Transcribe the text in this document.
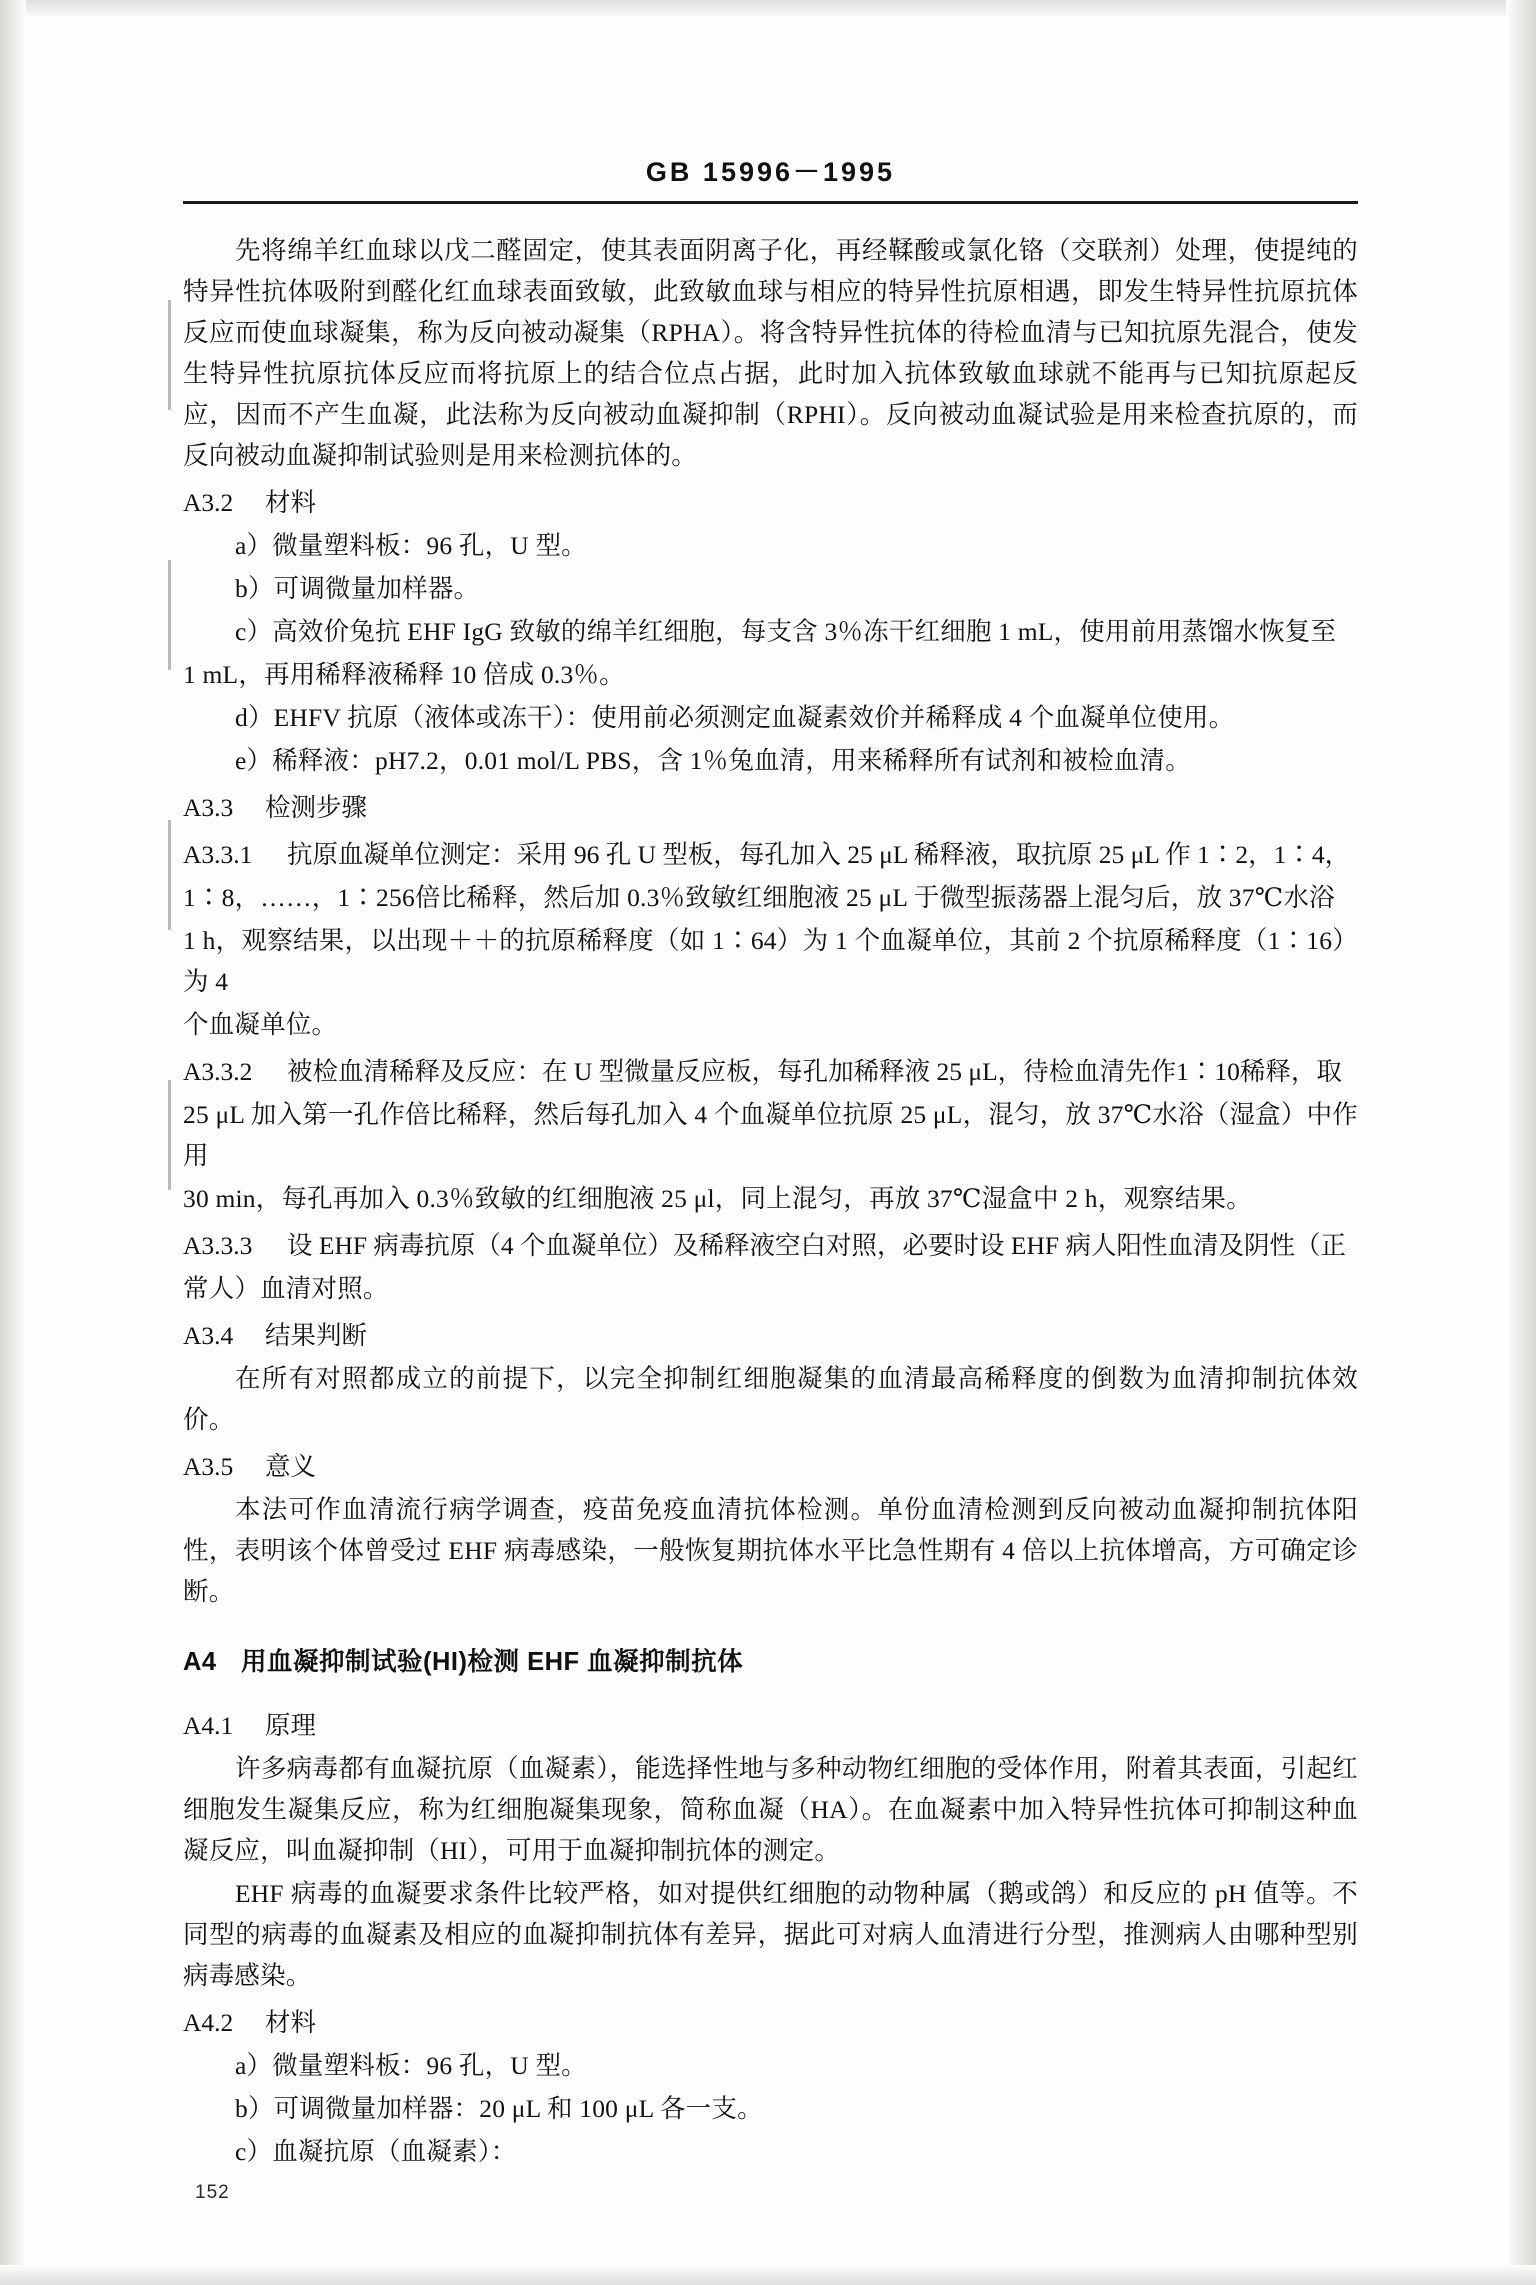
GB 15996－1995

先将绵羊红血球以戊二醛固定，使其表面阴离子化，再经鞣酸或氯化铬（交联剂）处理，使提纯的特异性抗体吸附到醛化红血球表面致敏，此致敏血球与相应的特异性抗原相遇，即发生特异性抗原抗体反应而使血球凝集，称为反向被动凝集（RPHA）。将含特异性抗体的待检血清与已知抗原先混合，使发生特异性抗原抗体反应而将抗原上的结合位点占据，此时加入抗体致敏血球就不能再与已知抗原起反应，因而不产生血凝，此法称为反向被动血凝抑制（RPHI）。反向被动血凝试验是用来检查抗原的，而反向被动血凝抑制试验则是用来检测抗体的。

A3.2 材料

a）微量塑料板：96 孔，U 型。

b）可调微量加样器。

c）高效价兔抗 EHF IgG 致敏的绵羊红细胞，每支含 3％冻干红细胞 1 mL，使用前用蒸馏水恢复至

1 mL，再用稀释液稀释 10 倍成 0.3％。

d）EHFV 抗原（液体或冻干）：使用前必须测定血凝素效价并稀释成 4 个血凝单位使用。

e）稀释液：pH7.2，0.01 mol/L PBS，含 1％兔血清，用来稀释所有试剂和被检血清。

A3.3 检测步骤
A3.3.1 抗原血凝单位测定：采用 96 孔 U 型板，每孔加入 25 μL 稀释液，取抗原 25 μL 作 1∶2，1∶4，

1∶8，……，1∶256倍比稀释，然后加 0.3％致敏红细胞液 25 μL 于微型振荡器上混匀后，放 37℃水浴

1 h，观察结果，以出现＋＋的抗原稀释度（如 1∶64）为 1 个血凝单位，其前 2 个抗原稀释度（1∶16）为 4

个血凝单位。

A3.3.2 被检血清稀释及反应：在 U 型微量反应板，每孔加稀释液 25 μL，待检血清先作1∶10稀释，取

25 μL 加入第一孔作倍比稀释，然后每孔加入 4 个血凝单位抗原 25 μL，混匀，放 37℃水浴（湿盒）中作用

30 min，每孔再加入 0.3％致敏的红细胞液 25 μl，同上混匀，再放 37℃湿盒中 2 h，观察结果。

A3.3.3 设 EHF 病毒抗原（4 个血凝单位）及稀释液空白对照，必要时设 EHF 病人阳性血清及阴性（正

常人）血清对照。

A3.4 结果判断

在所有对照都成立的前提下，以完全抑制红细胞凝集的血清最高稀释度的倒数为血清抑制抗体效价。

A3.5 意义

本法可作血清流行病学调查，疫苗免疫血清抗体检测。单份血清检测到反向被动血凝抑制抗体阳性，表明该个体曾受过 EHF 病毒感染，一般恢复期抗体水平比急性期有 4 倍以上抗体增高，方可确定诊断。

A4 用血凝抑制试验(HI)检测 EHF 血凝抑制抗体
A4.1 原理

许多病毒都有血凝抗原（血凝素），能选择性地与多种动物红细胞的受体作用，附着其表面，引起红细胞发生凝集反应，称为红细胞凝集现象，简称血凝（HA）。在血凝素中加入特异性抗体可抑制这种血凝反应，叫血凝抑制（HI），可用于血凝抑制抗体的测定。

EHF 病毒的血凝要求条件比较严格，如对提供红细胞的动物种属（鹅或鸽）和反应的 pH 值等。不同型的病毒的血凝素及相应的血凝抑制抗体有差异，据此可对病人血清进行分型，推测病人由哪种型别病毒感染。

A4.2 材料

a）微量塑料板：96 孔，U 型。

b）可调微量加样器：20 μL 和 100 μL 各一支。

c）血凝抗原（血凝素）：

152
